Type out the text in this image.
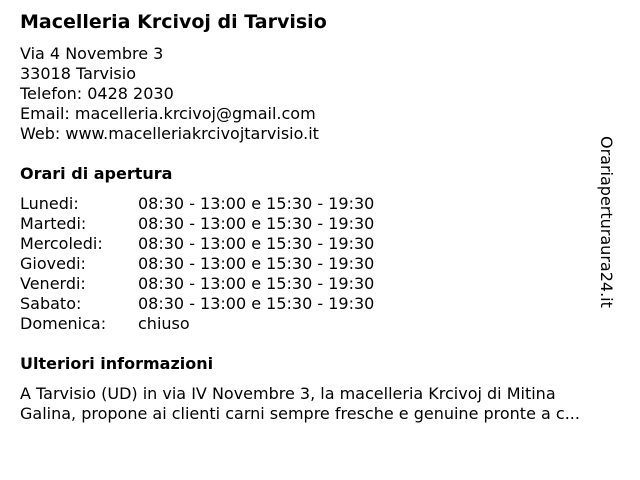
Macelleria Krcivoj di Tarvisio
Via 4 Novembre 3
33018 Tarvisio
Telefon: 0428 2030
Email: macelleria.krcivoj@gmail.com
Web: www.macelleriakrcivojtarvisio.it
Orari di apertura
Lunedi:	08:30 - 13:00 e 15:30 - 19:30
Martedi:	08:30 - 13:00 e 15:30 - 19:30
Mercoledi:	08:30 - 13:00 e 15:30 - 19:30
Giovedi:	08:30 - 13:00 e 15:30 - 19:30
Venerdi:	08:30 - 13:00 e 15:30 - 19:30
Sabato:	08:30 - 13:00 e 15:30 - 19:30
Domenica:	chiuso
Ulteriori informazioni
A Tarvisio (UD) in via IV Novembre 3, la macelleria Krcivoj di Mitina
Galina, propone ai clienti carni sempre fresche e genuine pronte a c...
Orariaperturaura24.it
